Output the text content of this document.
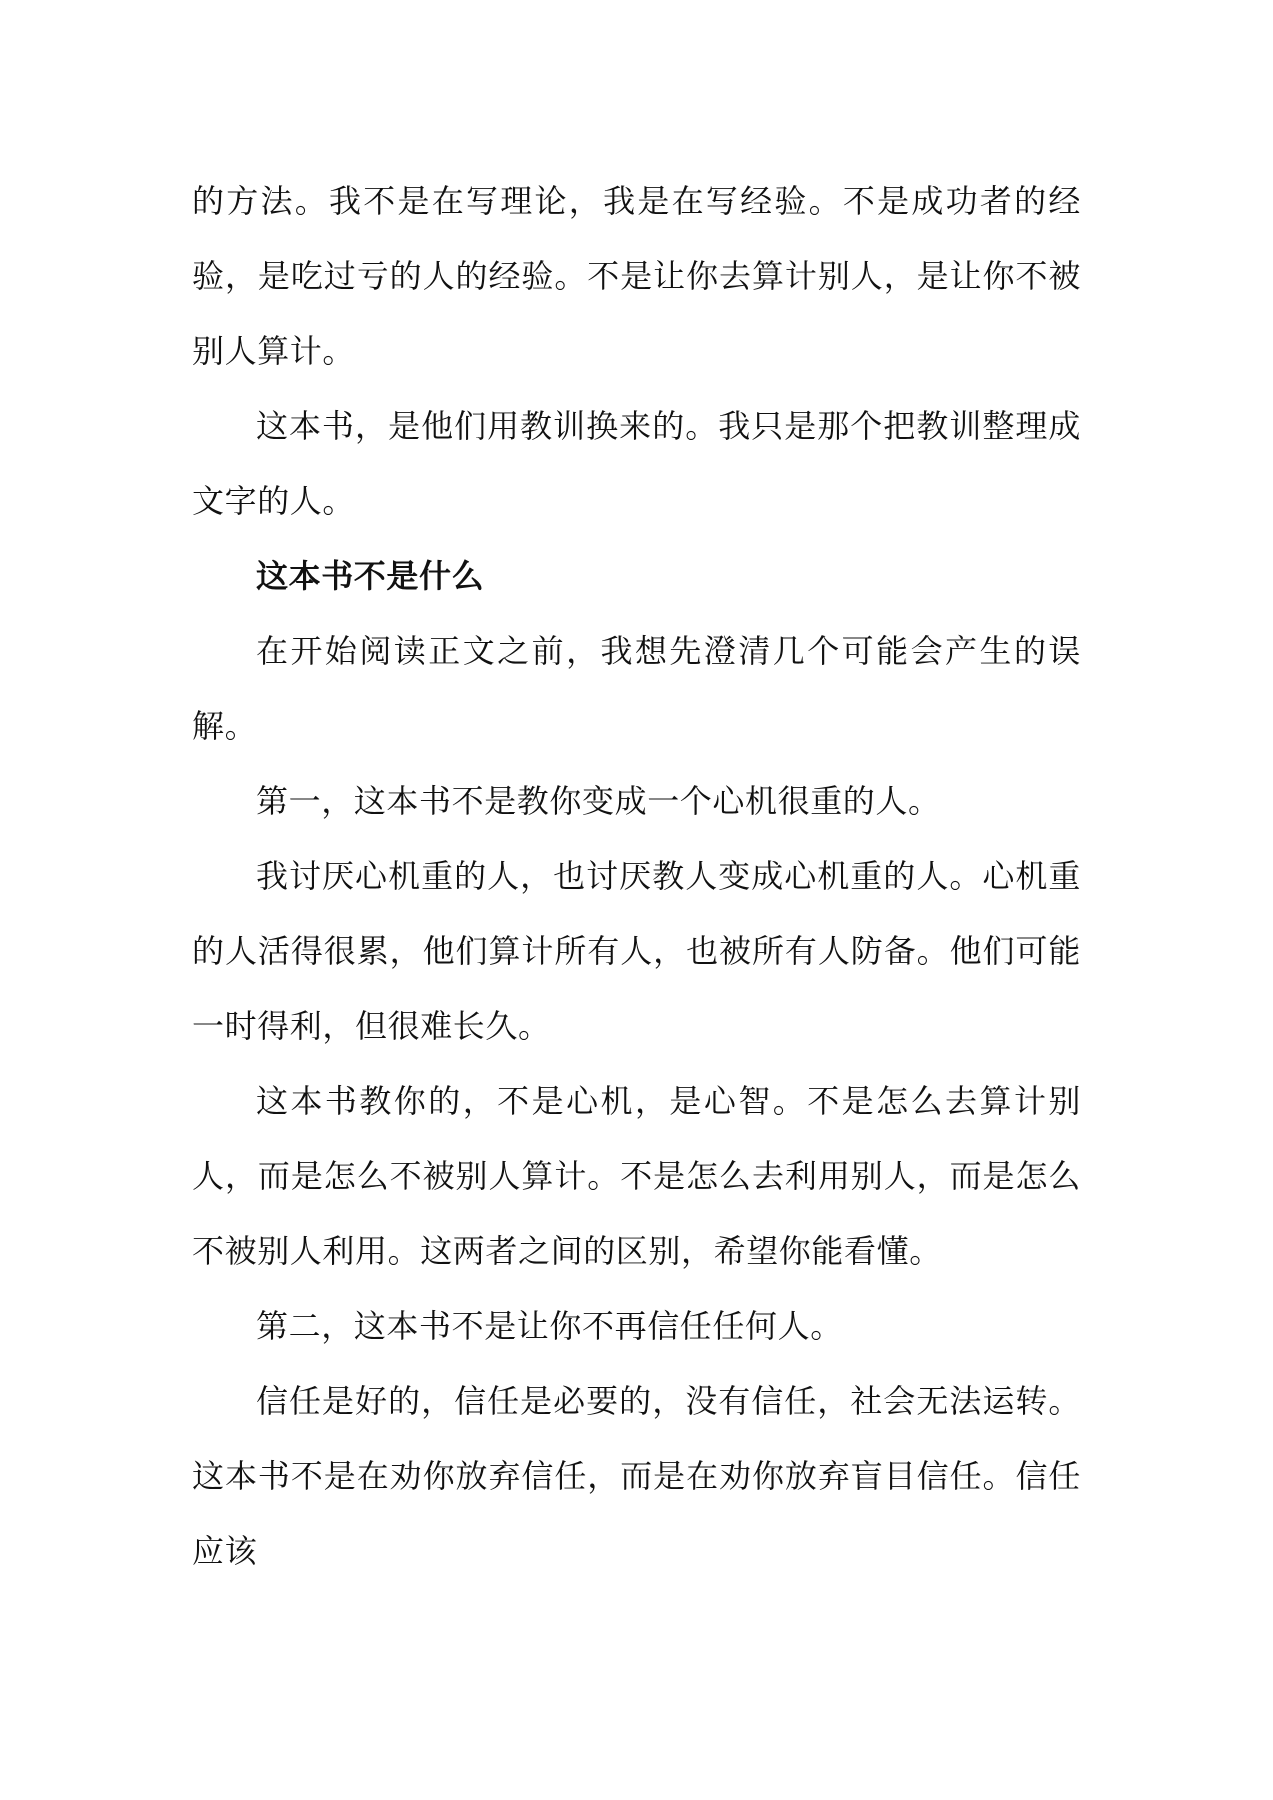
的方法。我不是在写理论，我是在写经验。不是成功者的经验，是吃过亏的人的经验。不是让你去算计别人，是让你不被别人算计。

这本书，是他们用教训换来的。我只是那个把教训整理成文字的人。

这本书不是什么

在开始阅读正文之前，我想先澄清几个可能会产生的误解。

第一，这本书不是教你变成一个心机很重的人。

我讨厌心机重的人，也讨厌教人变成心机重的人。心机重的人活得很累，他们算计所有人，也被所有人防备。他们可能一时得利，但很难长久。

这本书教你的，不是心机，是心智。不是怎么去算计别人，而是怎么不被别人算计。不是怎么去利用别人，而是怎么不被别人利用。这两者之间的区别，希望你能看懂。

第二，这本书不是让你不再信任任何人。

信任是好的，信任是必要的，没有信任，社会无法运转。这本书不是在劝你放弃信任，而是在劝你放弃盲目信任。信任应该
